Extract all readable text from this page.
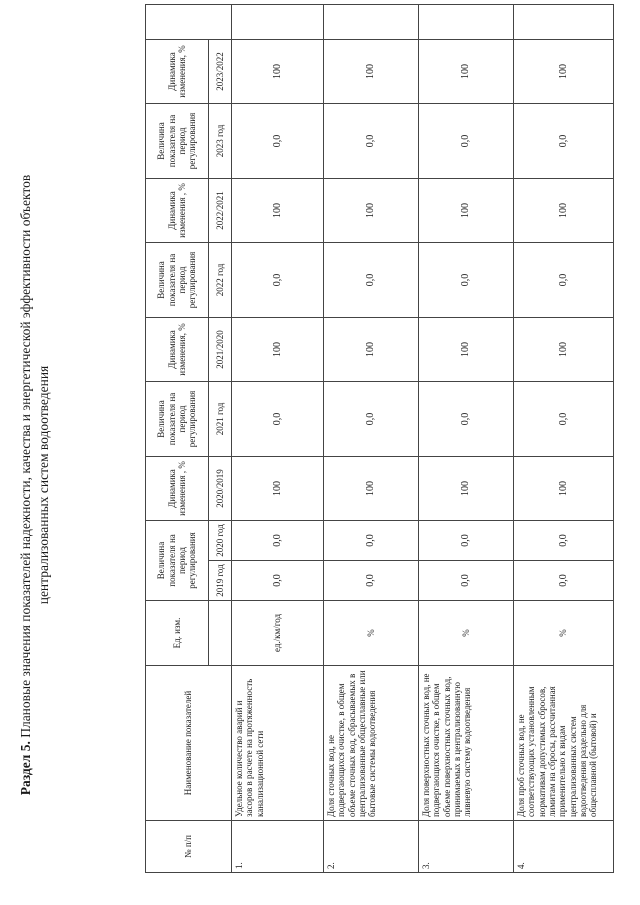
Раздел 5. Плановые значения показателей надежности, качества и энергетической эффективности объектов централизованных систем водоотведения
№ п/п	Наименование показателей	Ед. изм.	Величина показателя на период регулирования		Динамика изменения , %	Величина показателя на период регулирования	Динамика изменения, %	Величина показателя на период регулирования	Динамика изменения , %	Величина показателя на период регулирования	Динамика изменения, %	
			2019 год	2020 год								
					2020/2019	2021 год	2021/2020	2022 год	2022/2021	2023 год	2023/2022	
1.	Удельное количество аварий и засоров в расчете на протяженность канализационной сети	ед./км/год	0,0	0,0	100	0,0	100	0,0	100	0,0	100	
2.	Доля сточных вод, не подвергающихся очистке, в общем объеме сточных вод, сбрасываемых в централизованные общесплавные или бытовые системы водоотведения	%	0,0	0,0	100	0,0	100	0,0	100	0,0	100	
3.	Доля поверхностных сточных вод, не подвергающихся очистке, в общем объеме поверхностных сточных вод, принимаемых в централизованную ливневую систему водоотведения	%	0,0	0,0	100	0,0	100	0,0	100	0,0	100	
4.	Доля проб сточных вод, не соответствующих установленным нормативам допустимых сбросов, лимитам на сбросы, рассчитанная применительно к видам централизованных систем водоотведения раздельно для общесплавной (бытовой) и	%	0,0	0,0	100	0,0	100	0,0	100	0,0	100	
